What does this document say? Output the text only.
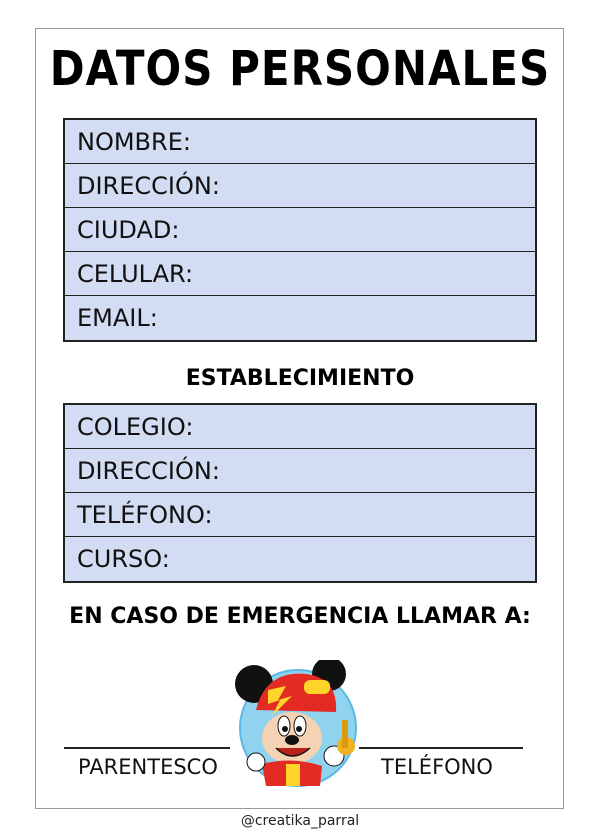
DATOS PERSONALES
NOMBRE:
DIRECCIÓN:
CIUDAD:
CELULAR:
EMAIL:
ESTABLECIMIENTO
COLEGIO:
DIRECCIÓN:
TELÉFONO:
CURSO:
EN CASO DE EMERGENCIA LLAMAR A:
PARENTESCO	TELÉFONO
@creatika_parral
